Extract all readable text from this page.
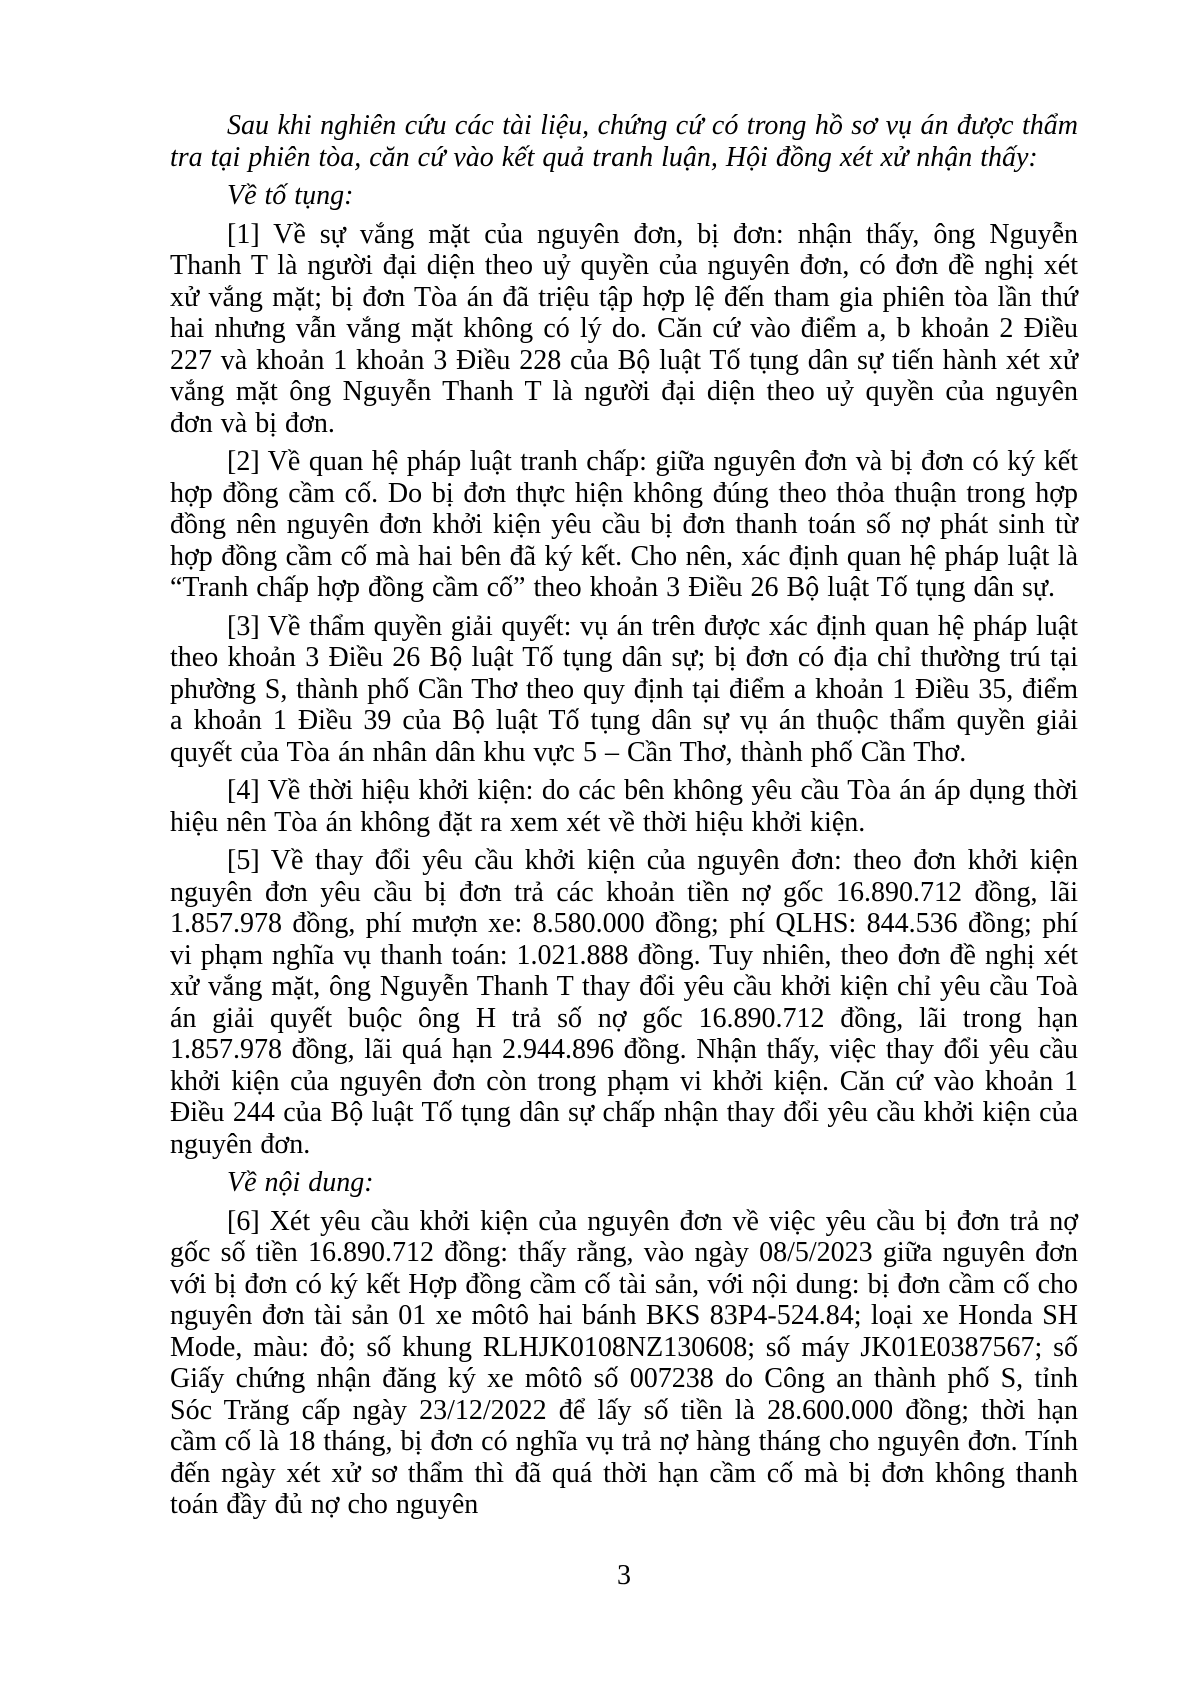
Sau khi nghiên cứu các tài liệu, chứng cứ có trong hồ sơ vụ án được thẩm tra tại phiên tòa, căn cứ vào kết quả tranh luận, Hội đồng xét xử nhận thấy:

Về tố tụng:

[1] Về sự vắng mặt của nguyên đơn, bị đơn: nhận thấy, ông Nguyễn Thanh T là người đại diện theo uỷ quyền của nguyên đơn, có đơn đề nghị xét xử vắng mặt; bị đơn Tòa án đã triệu tập hợp lệ đến tham gia phiên tòa lần thứ hai nhưng vẫn vắng mặt không có lý do. Căn cứ vào điểm a, b khoản 2 Điều 227 và khoản 1 khoản 3 Điều 228 của Bộ luật Tố tụng dân sự tiến hành xét xử vắng mặt ông Nguyễn Thanh T là người đại diện theo uỷ quyền của nguyên đơn và bị đơn.

[2] Về quan hệ pháp luật tranh chấp: giữa nguyên đơn và bị đơn có ký kết hợp đồng cầm cố. Do bị đơn thực hiện không đúng theo thỏa thuận trong hợp đồng nên nguyên đơn khởi kiện yêu cầu bị đơn thanh toán số nợ phát sinh từ hợp đồng cầm cố mà hai bên đã ký kết. Cho nên, xác định quan hệ pháp luật là “Tranh chấp hợp đồng cầm cố” theo khoản 3 Điều 26 Bộ luật Tố tụng dân sự.

[3] Về thẩm quyền giải quyết: vụ án trên được xác định quan hệ pháp luật theo khoản 3 Điều 26 Bộ luật Tố tụng dân sự; bị đơn có địa chỉ thường trú tại phường S, thành phố Cần Thơ theo quy định tại điểm a khoản 1 Điều 35, điểm a khoản 1 Điều 39 của Bộ luật Tố tụng dân sự vụ án thuộc thẩm quyền giải quyết của Tòa án nhân dân khu vực 5 – Cần Thơ, thành phố Cần Thơ.

[4] Về thời hiệu khởi kiện: do các bên không yêu cầu Tòa án áp dụng thời hiệu nên Tòa án không đặt ra xem xét về thời hiệu khởi kiện.

[5] Về thay đổi yêu cầu khởi kiện của nguyên đơn: theo đơn khởi kiện nguyên đơn yêu cầu bị đơn trả các khoản tiền nợ gốc 16.890.712 đồng, lãi 1.857.978 đồng, phí mượn xe: 8.580.000 đồng; phí QLHS: 844.536 đồng; phí vi phạm nghĩa vụ thanh toán: 1.021.888 đồng. Tuy nhiên, theo đơn đề nghị xét xử vắng mặt, ông Nguyễn Thanh T thay đổi yêu cầu khởi kiện chỉ yêu cầu Toà án giải quyết buộc ông H trả số nợ gốc 16.890.712 đồng, lãi trong hạn 1.857.978 đồng, lãi quá hạn 2.944.896 đồng. Nhận thấy, việc thay đổi yêu cầu khởi kiện của nguyên đơn còn trong phạm vi khởi kiện. Căn cứ vào khoản 1 Điều 244 của Bộ luật Tố tụng dân sự chấp nhận thay đổi yêu cầu khởi kiện của nguyên đơn.

Về nội dung:

[6] Xét yêu cầu khởi kiện của nguyên đơn về việc yêu cầu bị đơn trả nợ gốc số tiền 16.890.712 đồng: thấy rằng, vào ngày 08/5/2023 giữa nguyên đơn với bị đơn có ký kết Hợp đồng cầm cố tài sản, với nội dung: bị đơn cầm cố cho nguyên đơn tài sản 01 xe môtô hai bánh BKS 83P4-524.84; loại xe Honda SH Mode, màu: đỏ; số khung RLHJK0108NZ130608; số máy JK01E0387567; số Giấy chứng nhận đăng ký xe môtô số 007238 do Công an thành phố S, tỉnh Sóc Trăng cấp ngày 23/12/2022 để lấy số tiền là 28.600.000 đồng; thời hạn cầm cố là 18 tháng, bị đơn có nghĩa vụ trả nợ hàng tháng cho nguyên đơn. Tính đến ngày xét xử sơ thẩm thì đã quá thời hạn cầm cố mà bị đơn không thanh toán đầy đủ nợ cho nguyên

3
